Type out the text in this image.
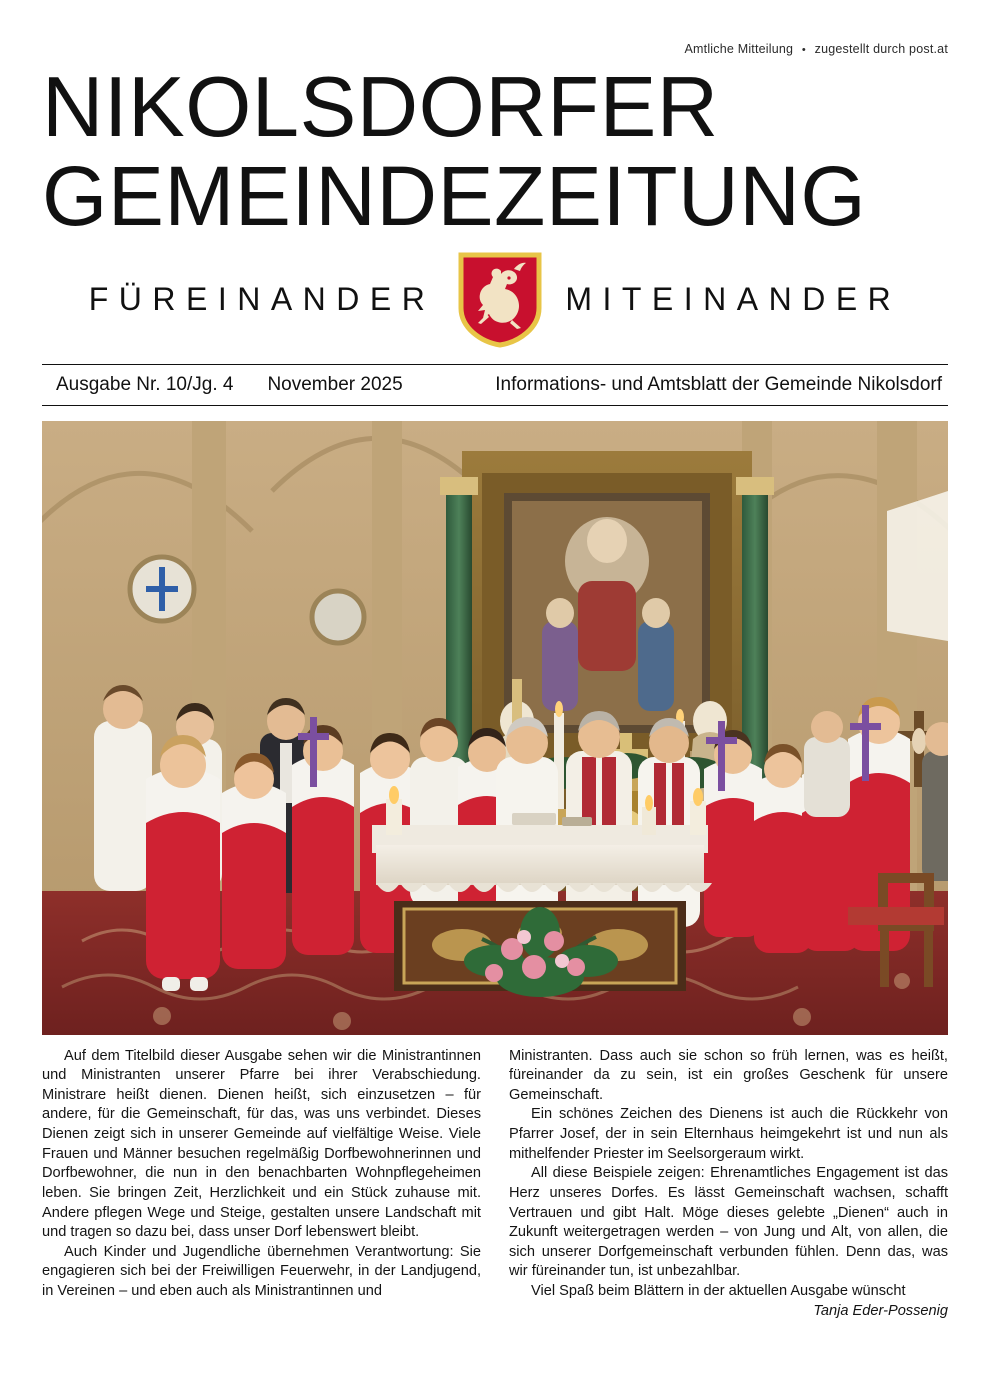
Amtliche Mitteilung • zugestellt durch post.at
NIKOLSDORFER
GEMEINDEZEITUNG
FÜREINANDER	MITEINANDER
Ausgabe Nr. 10/Jg. 4 November 2025	Informations- und Amtsblatt der Gemeinde Nikolsdorf

Auf dem Titelbild dieser Ausgabe sehen wir die Ministrantinnen und Ministranten unserer Pfarre bei ihrer Verabschiedung. Ministrare heißt dienen. Dienen heißt, sich einzusetzen – für andere, für die Gemeinschaft, für das, was uns verbindet. Dieses Dienen zeigt sich in unserer Gemeinde auf vielfältige Weise. Viele Frauen und Männer besuchen regelmäßig Dorfbewohnerinnen und Dorfbewohner, die nun in den benachbarten Wohnpflegeheimen leben. Sie bringen Zeit, Herzlichkeit und ein Stück zuhause mit. Andere pflegen Wege und Steige, gestalten unsere Landschaft mit und tragen so dazu bei, dass unser Dorf lebenswert bleibt.

Auch Kinder und Jugendliche übernehmen Verantwortung: Sie engagieren sich bei der Freiwilligen Feuerwehr, in der Landjugend, in Vereinen – und eben auch als Ministrantinnen und

Ministranten. Dass auch sie schon so früh lernen, was es heißt, füreinander da zu sein, ist ein großes Geschenk für unsere Gemeinschaft.

Ein schönes Zeichen des Dienens ist auch die Rückkehr von Pfarrer Josef, der in sein Elternhaus heimgekehrt ist und nun als mithelfender Priester im Seelsorgeraum wirkt.

All diese Beispiele zeigen: Ehrenamtliches Engagement ist das Herz unseres Dorfes. Es lässt Gemeinschaft wachsen, schafft Vertrauen und gibt Halt. Möge dieses gelebte „Dienen“ auch in Zukunft weitergetragen werden – von Jung und Alt, von allen, die sich unserer Dorfgemeinschaft verbunden fühlen. Denn das, was wir füreinander tun, ist unbezahlbar.

Viel Spaß beim Blättern in der aktuellen Ausgabe wünscht

Tanja Eder-Possenig
